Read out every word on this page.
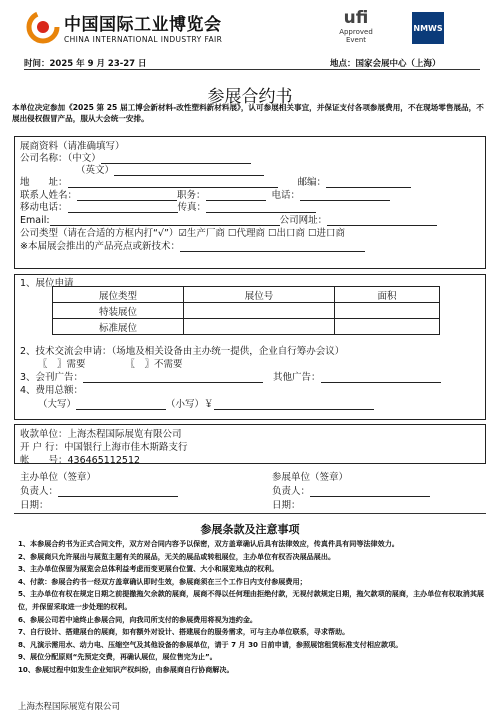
中国国际工业博览会
CHINA INTERNATIONAL INDUSTRY FAIR
ufi
Approved
Event
NMWS
时间：2025 年 9 月 23-27 日	地点：国家会展中心（上海）
参展合约书
本单位决定参加《2025 第 25 届工博会新材料-改性塑料新材料展》，认可参展相关事宜，并保证支付各项参展费用，不在现场零售展品，不展出侵权假冒产品，服从大会统一安排。
展商资料（请准确填写）
公司名称：（中文）
（英文）
地　　址：	邮编：
联系人姓名：	职务：	电话：
移动电话：	传真：
Email:	公司网址：
公司类型（请在合适的方框内打“√”）☑生产厂商 ☐代理商 ☐出口商 ☐进口商
※本届展会推出的产品亮点或新技术：
1、展位申请
展位类型	展位号	面积
特装展位		
标准展位		
2、技术交流会申请：（场地及相关设备由主办统一提供，企业自行筹办会议）
〖　〗需要	〖　〗不需要
3、会刊广告：	其他广告：
4、费用总额：
（大写）	（小写）￥
收款单位：上海杰程国际展览有限公司
开 户 行：中国银行上海市佳木斯路支行
帐　　号：436465112512
主办单位（签章）	参展单位（签章）
负责人：	负责人：
日期：	日期：
参展条款及注意事项
1、本参展合约书为正式合同文件，双方对合同内容予以保密，双方盖章确认后具有法律效应，传真件具有同等法律效力。
2、参展商只允许展出与展览主题有关的展品，无关的展品或转租展位，主办单位有权否决展品展出。
3、主办单位保留为展览会总体利益考虑而变更展台位置、大小和展览地点的权利。
4、付款：参展合约书一经双方盖章确认即时生效，参展商须在三个工作日内支付参展费用；
5、主办单位有权在规定日期之前提撤拖欠余款的展商，展商不得以任何理由拒绝付款，无视付款规定日期，拖欠款项的展商，主办单位有权取消其展位，并保留采取进一步处理的权利。
6、参展公司若中途终止参展合同，向我司所支付的参展费用将视为违约金。
7、自行设计、搭建展台的展商，如有额外对设计、搭建展台的服务需求，可与主办单位联系，寻求帮助。
8、凡演示需用水、动力电、压缩空气及其他设备的参展单位，请于 7 月 30 日前申请，参照展馆租赁标准支付相应款项。
9、展位分配原则“先预定交费，再确认展位，展位售完为止”。
10、参展过程中如发生企业知识产权纠纷，由参展商自行协商解决。
上海杰程国际展览有限公司
